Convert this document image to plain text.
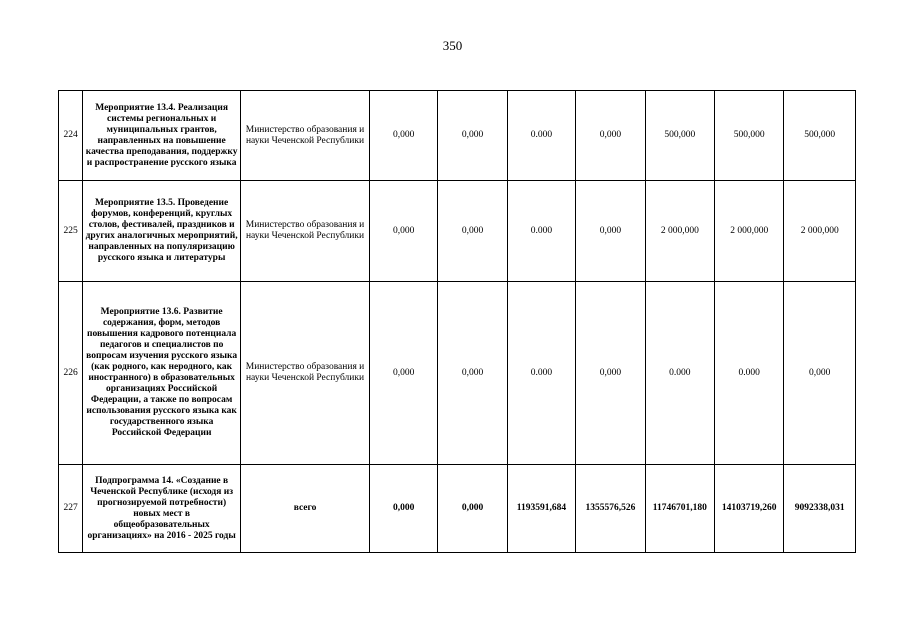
350
224	Мероприятие 13.4. Реализация системы региональных и муниципальных грантов, направленных на повышение качества преподавания, поддержку и распространение русского языка	Министерство образования и науки Чеченской Республики	0,000	0,000	0.000	0,000	500,000	500,000	500,000
225	Мероприятие 13.5. Проведение форумов, конференций, круглых столов, фестивалей, праздников и других аналогичных мероприятий, направленных на популяризацию русского языка и литературы	Министерство образования и науки Чеченской Республики	0,000	0,000	0.000	0,000	2 000,000	2 000,000	2 000,000
226	Мероприятие 13.6. Развитие содержания, форм, методов повышения кадрового потенциала педагогов и специалистов по вопросам изучения русского языка (как родного, как неродного, как иностранного) в образовательных организациях Российской Федерации, а также по вопросам использования русского языка как государственного языка Российской Федерации	Министерство образования и науки Чеченской Республики	0,000	0,000	0.000	0,000	0.000	0.000	0,000
227	Подпрограмма 14. «Создание в Чеченской Республике (исходя из прогнозируемой потребности) новых мест в общеобразовательных организациях» на 2016 - 2025 годы	всего	0,000	0,000	1193591,684	1355576,526	11746701,180	14103719,260	9092338,031
